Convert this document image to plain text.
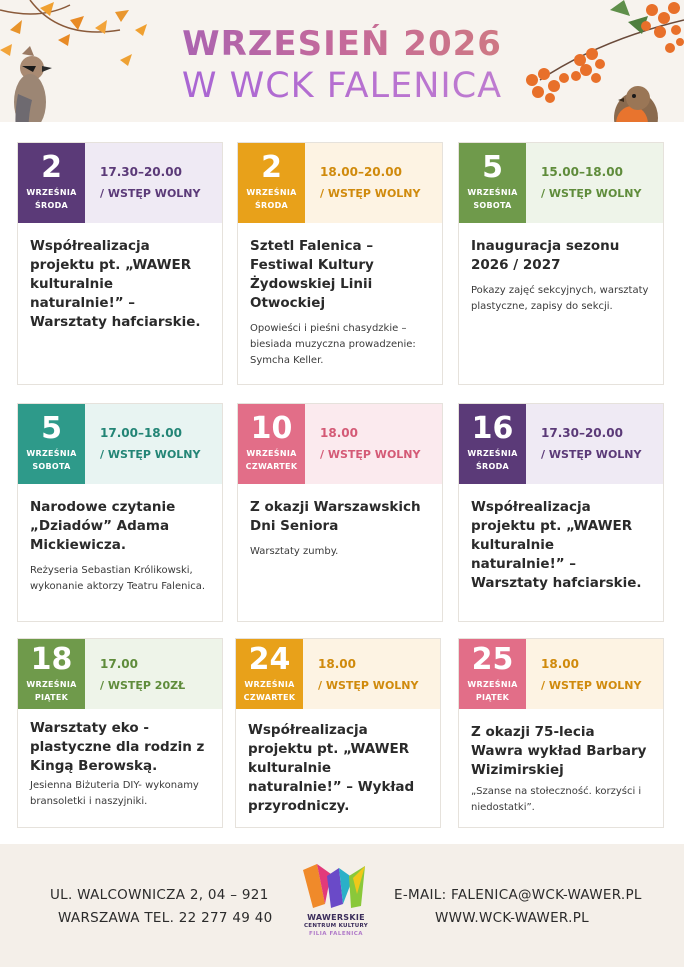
WRZESIEŃ 2026
W WCK FALENICA
2
WRZEŚNIA
ŚRODA
17.30–20.00
/ WSTĘP WOLNY
Współrealizacja projektu pt. „WAWER kulturalnie naturalnie!” – Warsztaty hafciarskie.
2
WRZEŚNIA
ŚRODA
18.00–20.00
/ WSTĘP WOLNY
Sztetl Falenica – Festiwal Kultury Żydowskiej Linii Otwockiej
Opowieści i pieśni chasydzkie – biesiada muzyczna prowadzenie: Symcha Keller.
5
WRZEŚNIA
SOBOTA
15.00–18.00
/ WSTĘP WOLNY
Inauguracja sezonu 2026 / 2027
Pokazy zajęć sekcyjnych, warsztaty plastyczne, zapisy do sekcji.
5
WRZEŚNIA
SOBOTA
17.00–18.00
/ WSTĘP WOLNY
Narodowe czytanie „Dziadów” Adama Mickiewicza.
Reżyseria Sebastian Królikowski, wykonanie aktorzy Teatru Falenica.
10
WRZEŚNIA
CZWARTEK
18.00
/ WSTĘP WOLNY
Z okazji Warszawskich Dni Seniora
Warsztaty zumby.
16
WRZEŚNIA
ŚRODA
17.30–20.00
/ WSTĘP WOLNY
Współrealizacja projektu pt. „WAWER kulturalnie naturalnie!” – Warsztaty hafciarskie.
18
WRZEŚNIA
PIĄTEK
17.00
/ WSTĘP 20ZŁ
Warsztaty eko - plastyczne dla rodzin z Kingą Berowską.
Jesienna Biżuteria DIY- wykonamy bransoletki i naszyjniki.
24
WRZEŚNIA
CZWARTEK
18.00
/ WSTĘP WOLNY
Współrealizacja projektu pt. „WAWER kulturalnie naturalnie!” – Wykład przyrodniczy.
25
WRZEŚNIA
PIĄTEK
18.00
/ WSTĘP WOLNY
Z okazji 75-lecia Wawra wykład Barbary Wizimirskiej
„Szanse na stołeczność. korzyści i niedostatki”.
UL. WALCOWNICZA 2, 04 – 921
WARSZAWA TEL. 22 277 49 40	WAWERSKIE
CENTRUM KULTURY
FILIA FALENICA
E-MAIL: FALENICA@WCK-WAWER.PL
WWW.WCK-WAWER.PL
